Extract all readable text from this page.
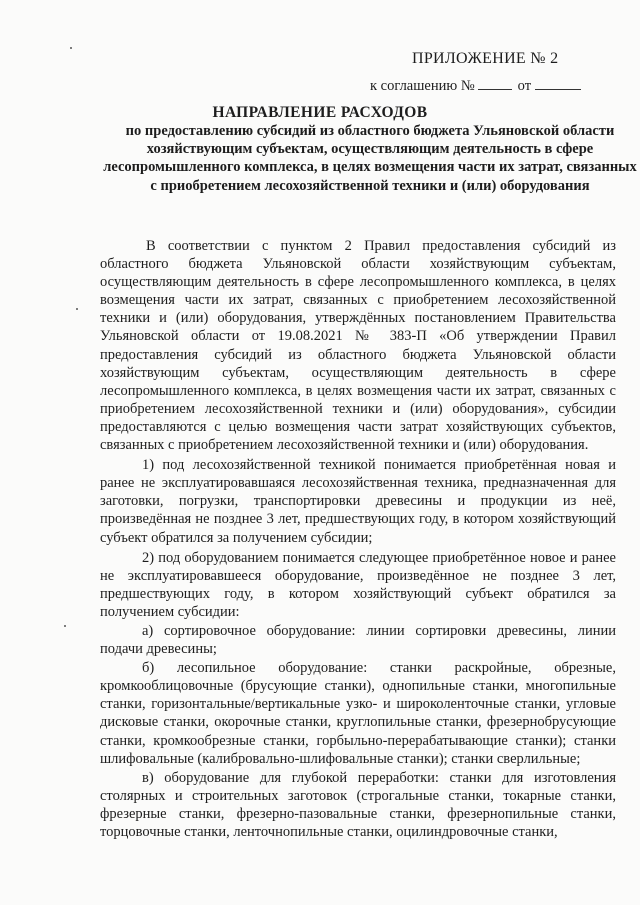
ПРИЛОЖЕНИЕ № 2
к соглашению №	от
НАПРАВЛЕНИЕ РАСХОДОВ
по предоставлению субсидий из областного бюджета Ульяновской области хозяйствующим субъектам, осуществляющим деятельность в сфере лесопромышленного комплекса, в целях возмещения части их затрат, связанных с приобретением лесохозяйственной техники и (или) оборудования

В соответствии с пунктом 2 Правил предоставления субсидий из областного бюджета Ульяновской области хозяйствующим субъектам, осуществляющим деятельность в сфере лесопромышленного комплекса, в целях возмещения части их затрат, связанных с приобретением лесохозяйственной техники и (или) оборудования, утверждённых постановлением Правительства Ульяновской области от 19.08.2021 № 383-П «Об утверждении Правил предоставления субсидий из областного бюджета Ульяновской области хозяйствующим субъектам, осуществляющим деятельность в сфере лесопромышленного комплекса, в целях возмещения части их затрат, связанных с приобретением лесохозяйственной техники и (или) оборудования», субсидии предоставляются с целью возмещения части затрат хозяйствующих субъектов, связанных с приобретением лесохозяйственной техники и (или) оборудования.

1) под лесохозяйственной техникой понимается приобретённая новая и ранее не эксплуатировавшаяся лесохозяйственная техника, предназначенная для заготовки, погрузки, транспортировки древесины и продукции из неё, произведённая не позднее 3 лет, предшествующих году, в котором хозяйствующий субъект обратился за получением субсидии;

2) под оборудованием понимается следующее приобретённое новое и ранее не эксплуатировавшееся оборудование, произведённое не позднее 3 лет, предшествующих году, в котором хозяйствующий субъект обратился за получением субсидии:

а) сортировочное оборудование: линии сортировки древесины, линии подачи древесины;

б) лесопильное оборудование: станки раскройные, обрезные, кромкооблицовочные (брусующие станки), однопильные станки, многопильные станки, горизонтальные/вертикальные узко- и широколенточные станки, угловые дисковые станки, окорочные станки, круглопильные станки, фрезернобрусующие станки, кромкообрезные станки, горбыльно-перерабатывающие станки); станки шлифовальные (калибровально-шлифовальные станки); станки сверлильные;

в) оборудование для глубокой переработки: станки для изготовления столярных и строительных заготовок (строгальные станки, токарные станки, фрезерные станки, фрезерно-пазовальные станки, фрезернопильные станки, торцовочные станки, ленточнопильные станки, оцилиндровочные станки,
